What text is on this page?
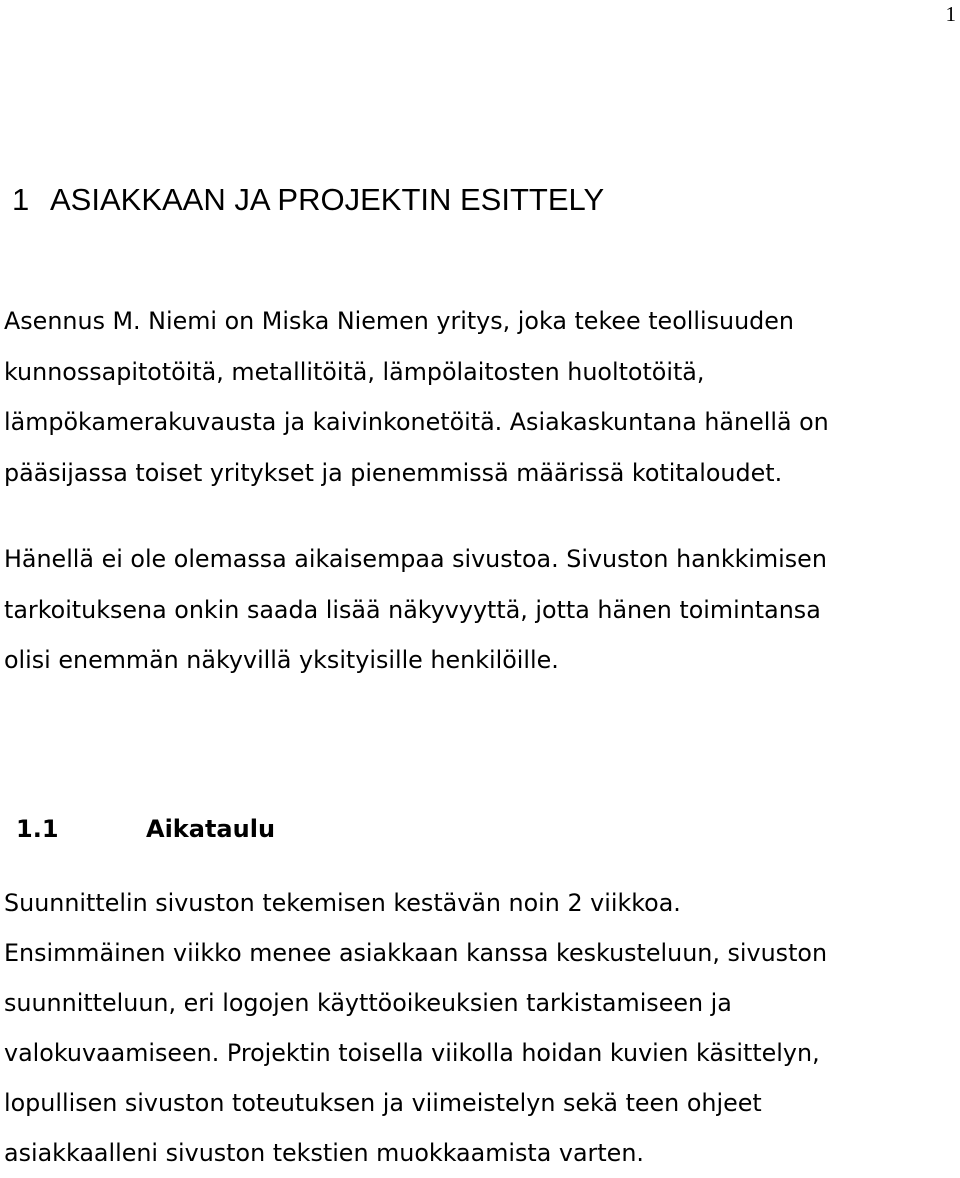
1
1 ASIAKKAAN JA PROJEKTIN ESITTELY

Asennus M. Niemi on Miska Niemen yritys, joka tekee teollisuuden
kunnossapitotöitä, metallitöitä, lämpölaitosten huoltotöitä,
lämpökamerakuvausta ja kaivinkonetöitä. Asiakaskuntana hänellä on
pääsijassa toiset yritykset ja pienemmissä määrissä kotitaloudet.

Hänellä ei ole olemassa aikaisempaa sivustoa. Sivuston hankkimisen
tarkoituksena onkin saada lisää näkyvyyttä, jotta hänen toimintansa
olisi enemmän näkyvillä yksityisille henkilöille.

1.1	Aikataulu

Suunnittelin sivuston tekemisen kestävän noin 2 viikkoa.
Ensimmäinen viikko menee asiakkaan kanssa keskusteluun, sivuston
suunnitteluun, eri logojen käyttöoikeuksien tarkistamiseen ja
valokuvaamiseen. Projektin toisella viikolla hoidan kuvien käsittelyn,
lopullisen sivuston toteutuksen ja viimeistelyn sekä teen ohjeet
asiakkaalleni sivuston tekstien muokkaamista varten.
